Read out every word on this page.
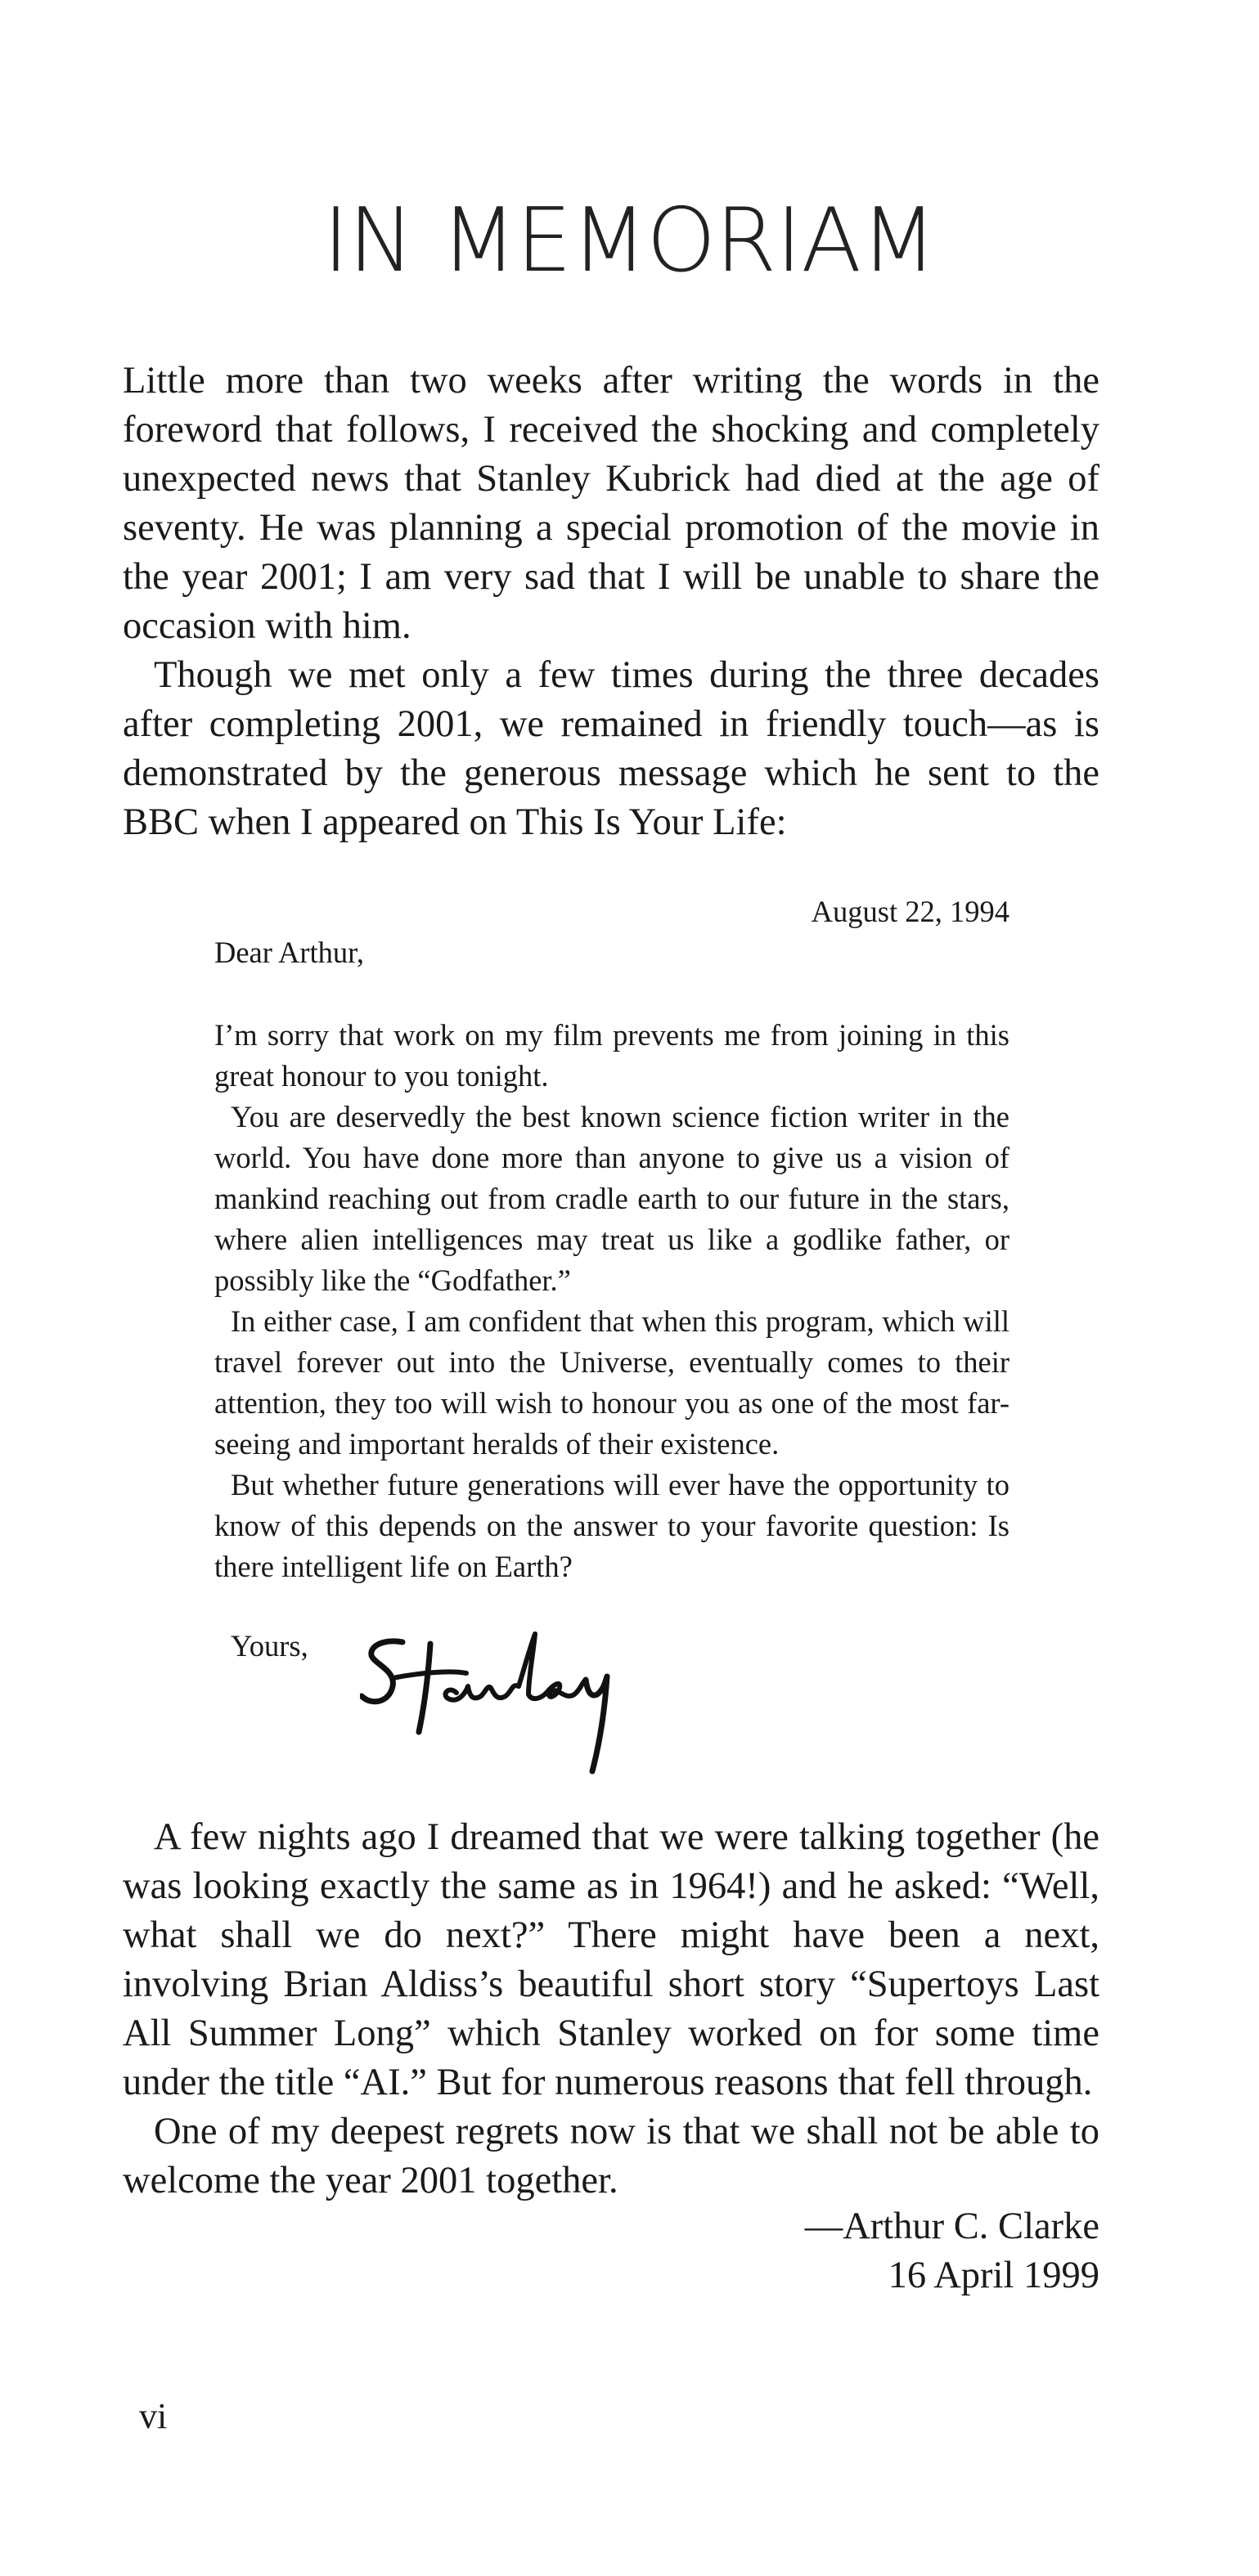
IN MEMORIAM

Little more than two weeks after writing the words in the foreword that follows, I received the shocking and completely unexpected news that Stanley Kubrick had died at the age of seventy. He was planning a special promotion of the movie in the year 2001; I am very sad that I will be unable to share the occasion with him.

Though we met only a few times during the three decades after completing 2001, we remained in friendly touch—as is demonstrated by the generous message which he sent to the BBC when I appeared on This Is Your Life:

August 22, 1994
Dear Arthur,

I’m sorry that work on my film prevents me from joining in this great honour to you tonight.

You are deservedly the best known science fiction writer in the world. You have done more than anyone to give us a vision of mankind reaching out from cradle earth to our future in the stars, where alien intelligences may treat us like a godlike father, or possibly like the “Godfather.”

In either case, I am confident that when this program, which will travel forever out into the Universe, eventually comes to their attention, they too will wish to honour you as one of the most far-seeing and important heralds of their existence.

But whether future generations will ever have the opportunity to know of this depends on the answer to your favorite question: Is there intelligent life on Earth?

Yours,

A few nights ago I dreamed that we were talking together (he was looking exactly the same as in 1964!) and he asked: “Well, what shall we do next?” There might have been a next, involving Brian Aldiss’s beautiful short story “Supertoys Last All Summer Long” which Stanley worked on for some time under the title “AI.” But for numerous reasons that fell through.

One of my deepest regrets now is that we shall not be able to welcome the year 2001 together.

—Arthur C. Clarke
16 April 1999
vi
